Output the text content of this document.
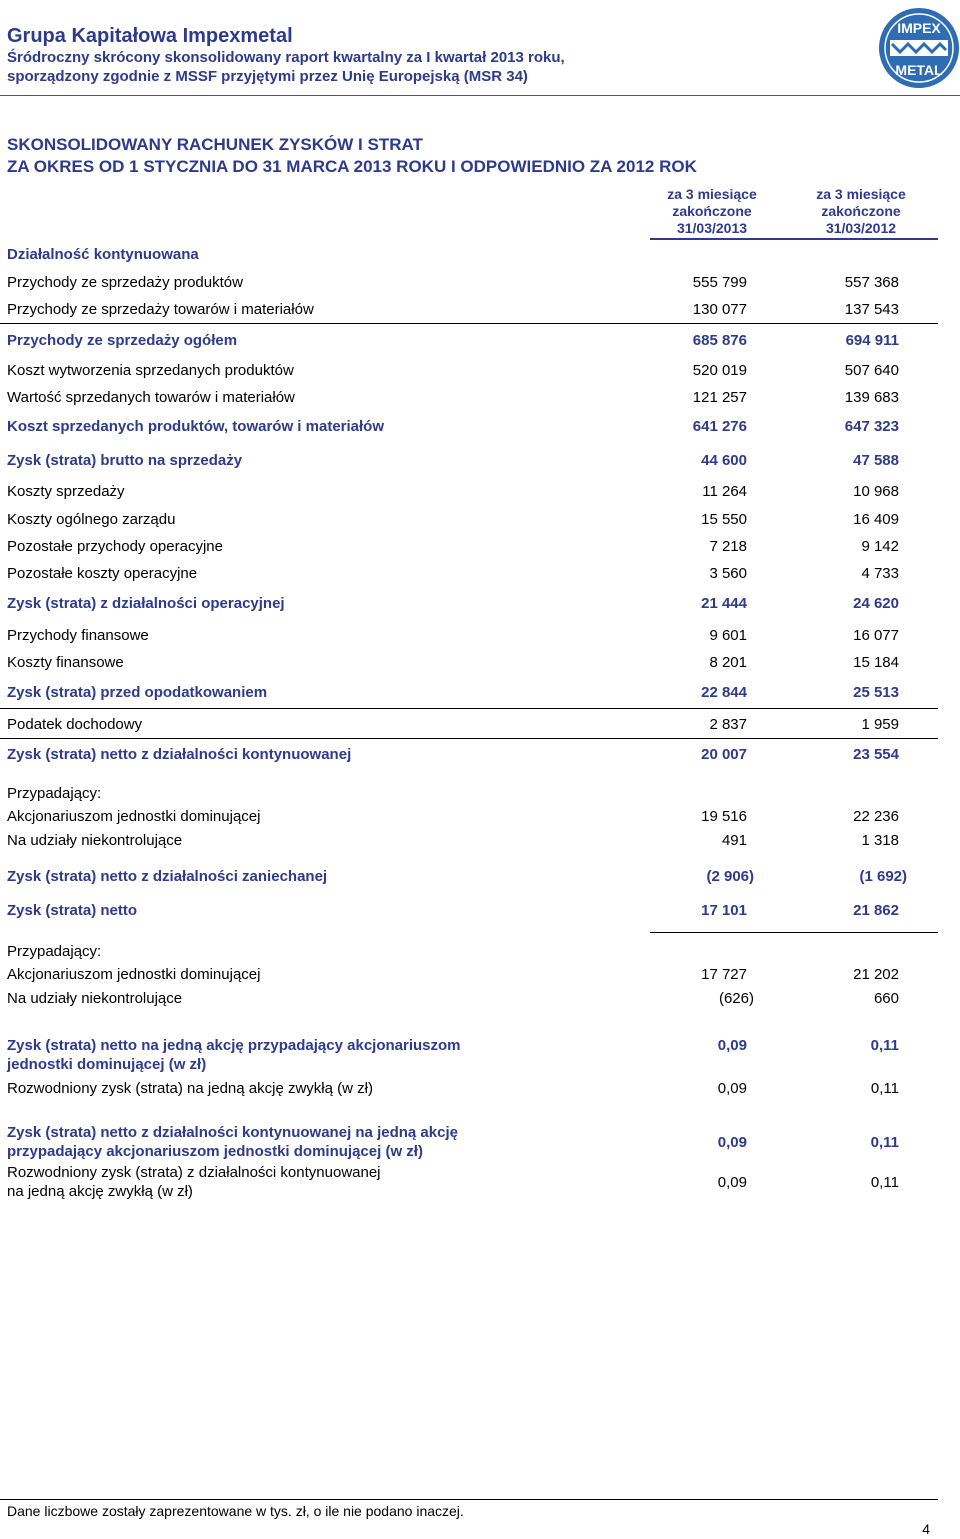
Grupa Kapitałowa Impexmetal
Śródroczny skrócony skonsolidowany raport kwartalny za I kwartał 2013 roku,
sporządzony zgodnie z MSSF przyjętymi przez Unię Europejską (MSR 34)
IMPEX
METAL
SKONSOLIDOWANY RACHUNEK ZYSKÓW I STRAT
ZA OKRES OD 1 STYCZNIA DO 31 MARCA 2013 ROKU I ODPOWIEDNIO ZA 2012 ROK
za 3 miesiące
zakończone
31/03/2013
za 3 miesiące
zakończone
31/03/2012
Działalność kontynuowana
Przychody ze sprzedaży produktów	555 799	557 368
Przychody ze sprzedaży towarów i materiałów	130 077	137 543
Przychody ze sprzedaży ogółem	685 876	694 911
Koszt wytworzenia sprzedanych produktów	520 019	507 640
Wartość sprzedanych towarów i materiałów	121 257	139 683
Koszt sprzedanych produktów, towarów i materiałów	641 276	647 323
Zysk (strata) brutto na sprzedaży	44 600	47 588
Koszty sprzedaży	11 264	10 968
Koszty ogólnego zarządu	15 550	16 409
Pozostałe przychody operacyjne	7 218	9 142
Pozostałe koszty operacyjne	3 560	4 733
Zysk (strata) z działalności operacyjnej	21 444	24 620
Przychody finansowe	9 601	16 077
Koszty finansowe	8 201	15 184
Zysk (strata) przed opodatkowaniem	22 844	25 513
Podatek dochodowy	2 837	1 959
Zysk (strata) netto z działalności kontynuowanej	20 007	23 554
Przypadający:
Akcjonariuszom jednostki dominującej	19 516	22 236
Na udziały niekontrolujące	491	1 318
Zysk (strata) netto z działalności zaniechanej	(2 906)	(1 692)
Zysk (strata) netto	17 101	21 862
Przypadający:
Akcjonariuszom jednostki dominującej	17 727	21 202
Na udziały niekontrolujące	(626)	660
Zysk (strata) netto na jedną akcję przypadający akcjonariuszom
jednostki dominującej (w zł)
0,09	0,11
Rozwodniony zysk (strata) na jedną akcję zwykłą (w zł)	0,09	0,11
Zysk (strata) netto z działalności kontynuowanej na jedną akcję
przypadający akcjonariuszom jednostki dominującej (w zł)
0,09	0,11
Rozwodniony zysk (strata) z działalności kontynuowanej
na jedną akcję zwykłą (w zł)
0,09	0,11
Dane liczbowe zostały zaprezentowane w tys. zł, o ile nie podano inaczej.
4
